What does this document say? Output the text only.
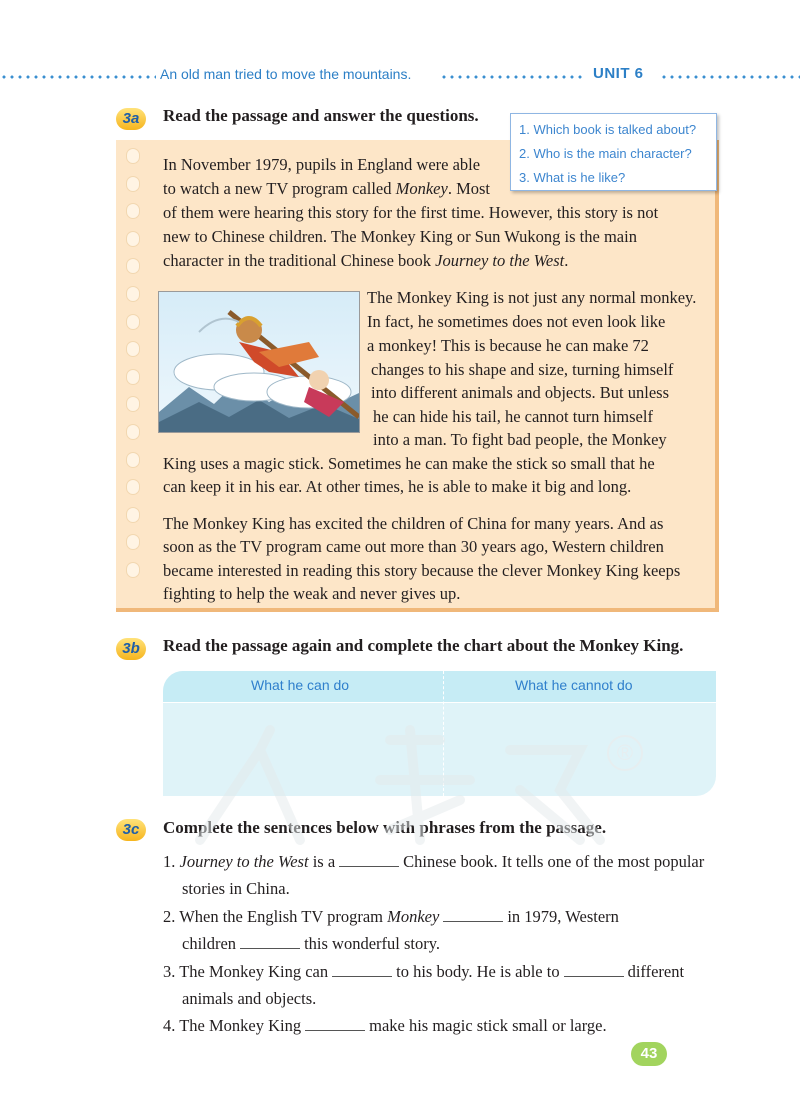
An old man tried to move the mountains.	UNIT 6
3a	Read the passage and answer the questions.
1. Which book is talked about?
2. Who is the main character?
3. What is he like?
In November 1979, pupils in England were able
to watch a new TV program called Monkey. Most
of them were hearing this story for the first time. However, this story is not
new to Chinese children. The Monkey King or Sun Wukong is the main
character in the traditional Chinese book Journey to the West.
The Monkey King is not just any normal monkey.
In fact, he sometimes does not even look like
a monkey! This is because he can make 72
changes to his shape and size, turning himself
into different animals and objects. But unless
he can hide his tail, he cannot turn himself
into a man. To fight bad people, the Monkey
King uses a magic stick. Sometimes he can make the stick so small that he
can keep it in his ear. At other times, he is able to make it big and long.
The Monkey King has excited the children of China for many years. And as
soon as the TV program came out more than 30 years ago, Western children
became interested in reading this story because the clever Monkey King keeps
fighting to help the weak and never gives up.
3b	Read the passage again and complete the chart about the Monkey King.
What he can do	What he cannot do
®
3c	Complete the sentences below with phrases from the passage.
1. Journey to the West is a	Chinese book. It tells one of the most popular
stories in China.
2. When the English TV program Monkey	in 1979, Western
children	this wonderful story.
3. The Monkey King can	to his body. He is able to	different
animals and objects.
4. The Monkey King	make his magic stick small or large.
43
